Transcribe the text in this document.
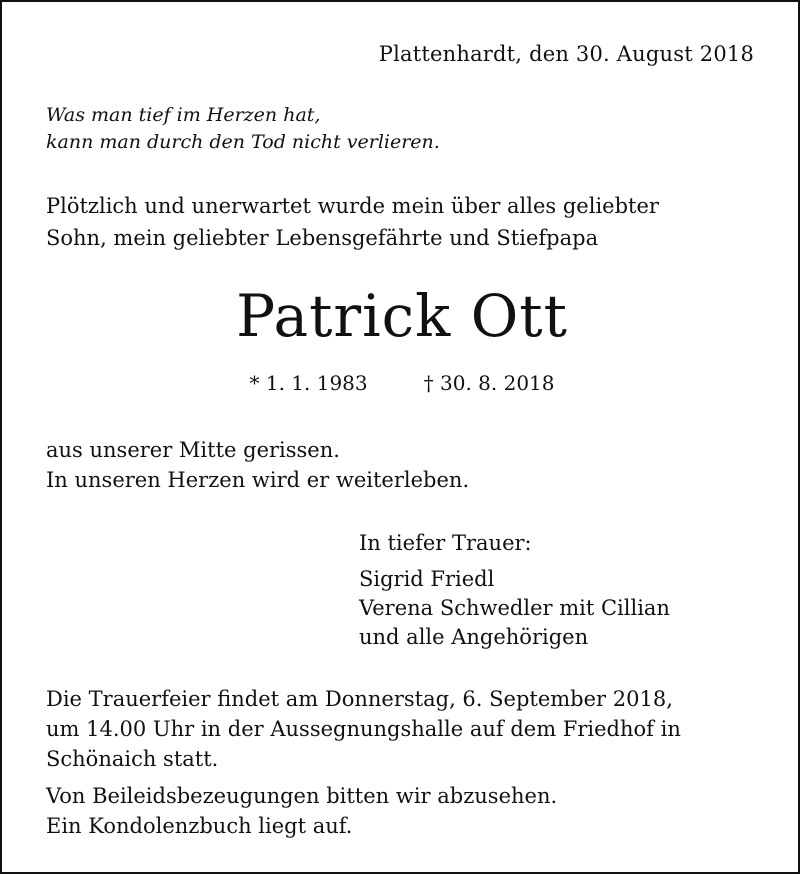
Plattenhardt, den 30. August 2018
Was man tief im Herzen hat,
kann man durch den Tod nicht verlieren.
Plötzlich und unerwartet wurde mein über alles geliebter
Sohn, mein geliebter Lebensgefährte und Stiefpapa
Patrick Ott
* 1. 1. 1983	† 30. 8. 2018
aus unserer Mitte gerissen.
In unseren Herzen wird er weiterleben.
In tiefer Trauer:
Sigrid Friedl
Verena Schwedler mit Cillian
und alle Angehörigen
Die Trauerfeier findet am Donnerstag, 6. September 2018,
um 14.00 Uhr in der Aussegnungshalle auf dem Friedhof in
Schönaich statt.
Von Beileidsbezeugungen bitten wir abzusehen.
Ein Kondolenzbuch liegt auf.
